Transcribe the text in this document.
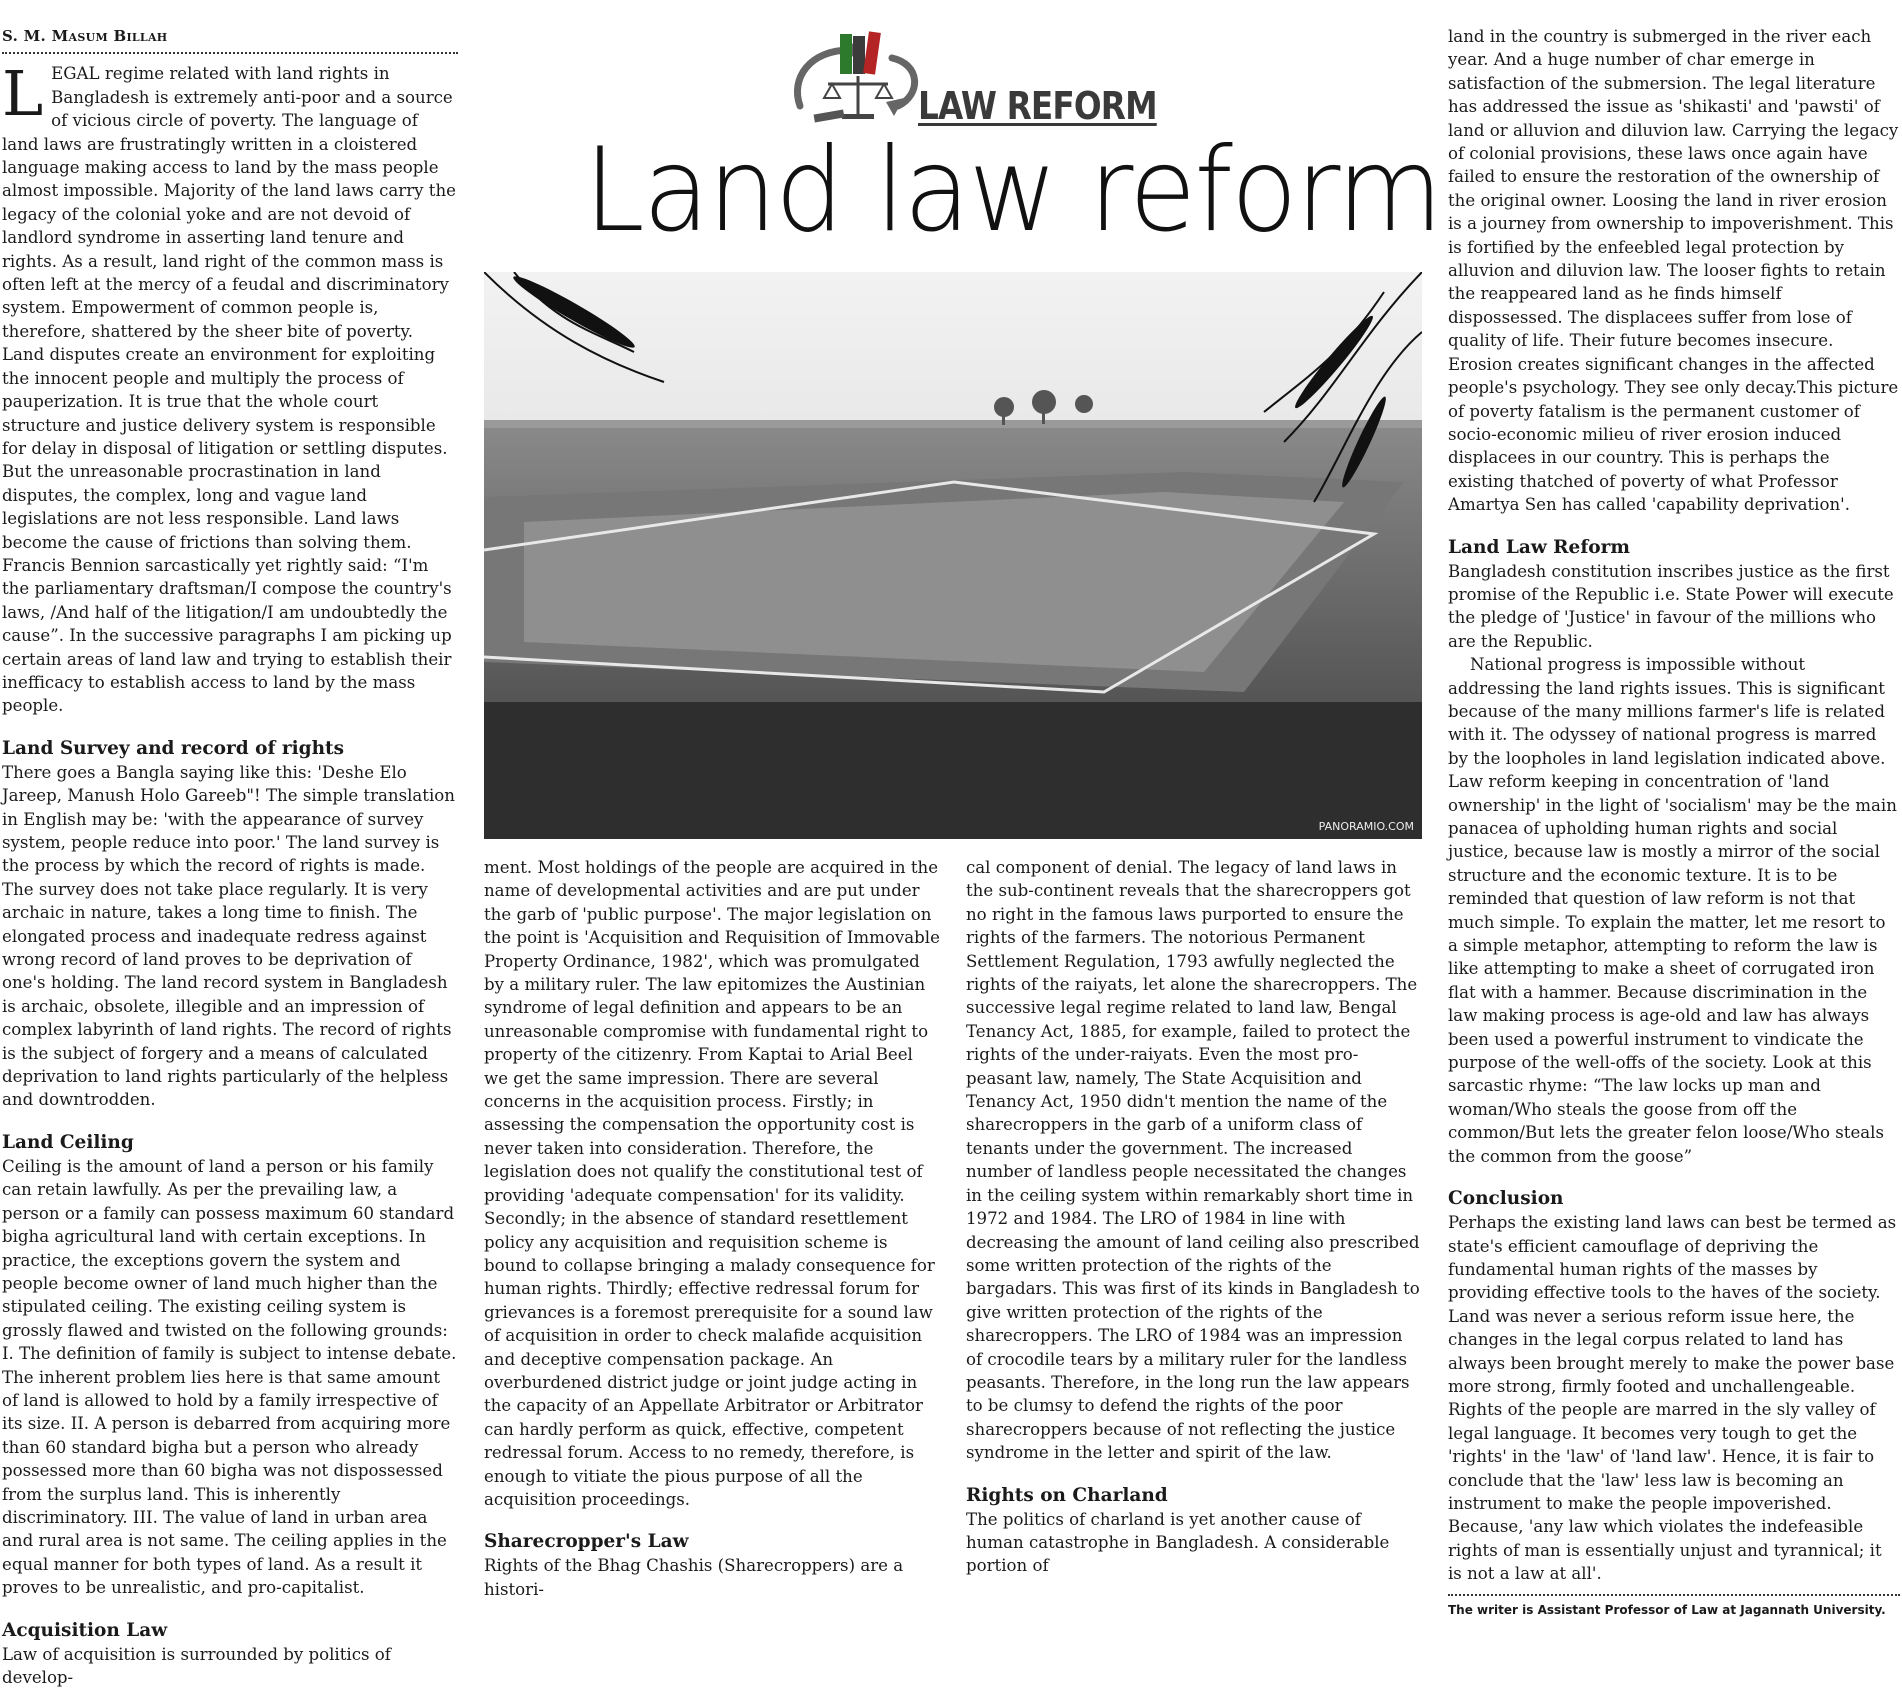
LAW REFORM
Land law reform
PANORAMIO.COM
S. M. Masum Billah

LEGAL regime related with land rights in Bangladesh is extremely anti-poor and a source of vicious circle of poverty. The language of land laws are frustratingly written in a cloistered language making access to land by the mass people almost impossible. Majority of the land laws carry the legacy of the colonial yoke and are not devoid of landlord syndrome in asserting land tenure and rights. As a result, land right of the common mass is often left at the mercy of a feudal and discriminatory system. Empowerment of common people is, therefore, shattered by the sheer bite of poverty. Land disputes create an environment for exploiting the innocent people and multiply the process of pauperization. It is true that the whole court structure and justice delivery system is responsible for delay in disposal of litigation or settling disputes. But the unreasonable procrastination in land disputes, the complex, long and vague land legislations are not less responsible. Land laws become the cause of frictions than solving them. Francis Bennion sarcastically yet rightly said: “I'm the parliamentary draftsman/I compose the country's laws, /And half of the litigation/I am undoubtedly the cause”. In the successive paragraphs I am picking up certain areas of land law and trying to establish their inefficacy to establish access to land by the mass people.

Land Survey and record of rights

There goes a Bangla saying like this: 'Deshe Elo Jareep, Manush Holo Gareeb"! The simple translation in English may be: 'with the appearance of survey system, people reduce into poor.' The land survey is the process by which the record of rights is made. The survey does not take place regularly. It is very archaic in nature, takes a long time to finish. The elongated process and inadequate redress against wrong record of land proves to be deprivation of one's holding. The land record system in Bangladesh is archaic, obsolete, illegible and an impression of complex labyrinth of land rights. The record of rights is the subject of forgery and a means of calculated deprivation to land rights particularly of the helpless and downtrodden.

Land Ceiling

Ceiling is the amount of land a person or his family can retain lawfully. As per the prevailing law, a person or a family can possess maximum 60 standard bigha agricultural land with certain exceptions. In practice, the exceptions govern the system and people become owner of land much higher than the stipulated ceiling. The existing ceiling system is grossly flawed and twisted on the following grounds: I. The definition of family is subject to intense debate. The inherent problem lies here is that same amount of land is allowed to hold by a family irrespective of its size. II. A person is debarred from acquiring more than 60 standard bigha but a person who already possessed more than 60 bigha was not dispossessed from the surplus land. This is inherently discriminatory. III. The value of land in urban area and rural area is not same. The ceiling applies in the equal manner for both types of land. As a result it proves to be unrealistic, and pro-capitalist.

Acquisition Law

Law of acquisition is surrounded by politics of develop-

ment. Most holdings of the people are acquired in the name of developmental activities and are put under the garb of 'public purpose'. The major legislation on the point is 'Acquisition and Requisition of Immovable Property Ordinance, 1982', which was promulgated by a military ruler. The law epitomizes the Austinian syndrome of legal definition and appears to be an unreasonable compromise with fundamental right to property of the citizenry. From Kaptai to Arial Beel we get the same impression. There are several concerns in the acquisition process. Firstly; in assessing the compensation the opportunity cost is never taken into consideration. Therefore, the legislation does not qualify the constitutional test of providing 'adequate compensation' for its validity. Secondly; in the absence of standard resettlement policy any acquisition and requisition scheme is bound to collapse bringing a malady consequence for human rights. Thirdly; effective redressal forum for grievances is a foremost prerequisite for a sound law of acquisition in order to check malafide acquisition and deceptive compensation package. An overburdened district judge or joint judge acting in the capacity of an Appellate Arbitrator or Arbitrator can hardly perform as quick, effective, competent redressal forum. Access to no remedy, therefore, is enough to vitiate the pious purpose of all the acquisition proceedings.

Sharecropper's Law

Rights of the Bhag Chashis (Sharecroppers) are a histori-

cal component of denial. The legacy of land laws in the sub-continent reveals that the sharecroppers got no right in the famous laws purported to ensure the rights of the farmers. The notorious Permanent Settlement Regulation, 1793 awfully neglected the rights of the raiyats, let alone the sharecroppers. The successive legal regime related to land law, Bengal Tenancy Act, 1885, for example, failed to protect the rights of the under-raiyats. Even the most pro-peasant law, namely, The State Acquisition and Tenancy Act, 1950 didn't mention the name of the sharecroppers in the garb of a uniform class of tenants under the government. The increased number of landless people necessitated the changes in the ceiling system within remarkably short time in 1972 and 1984. The LRO of 1984 in line with decreasing the amount of land ceiling also prescribed some written protection of the rights of the bargadars. This was first of its kinds in Bangladesh to give written protection of the rights of the sharecroppers. The LRO of 1984 was an impression of crocodile tears by a military ruler for the landless peasants. Therefore, in the long run the law appears to be clumsy to defend the rights of the poor sharecroppers because of not reflecting the justice syndrome in the letter and spirit of the law.

Rights on Charland

The politics of charland is yet another cause of human catastrophe in Bangladesh. A considerable portion of

land in the country is submerged in the river each year. And a huge number of char emerge in satisfaction of the submersion. The legal literature has addressed the issue as 'shikasti' and 'pawsti' of land or alluvion and diluvion law. Carrying the legacy of colonial provisions, these laws once again have failed to ensure the restoration of the ownership of the original owner. Loosing the land in river erosion is a journey from ownership to impoverishment. This is fortified by the enfeebled legal protection by alluvion and diluvion law. The looser fights to retain the reappeared land as he finds himself dispossessed. The displacees suffer from lose of quality of life. Their future becomes insecure. Erosion creates significant changes in the affected people's psychology. They see only decay.This picture of poverty fatalism is the permanent customer of socio-economic milieu of river erosion induced displacees in our country. This is perhaps the existing thatched of poverty of what Professor Amartya Sen has called 'capability deprivation'.

Land Law Reform

Bangladesh constitution inscribes justice as the first promise of the Republic i.e. State Power will execute the pledge of 'Justice' in favour of the millions who are the Republic.

National progress is impossible without addressing the land rights issues. This is significant because of the many millions farmer's life is related with it. The odyssey of national progress is marred by the loopholes in land legislation indicated above. Law reform keeping in concentration of 'land ownership' in the light of 'socialism' may be the main panacea of upholding human rights and social justice, because law is mostly a mirror of the social structure and the economic texture. It is to be reminded that question of law reform is not that much simple. To explain the matter, let me resort to a simple metaphor, attempting to reform the law is like attempting to make a sheet of corrugated iron flat with a hammer. Because discrimination in the law making process is age-old and law has always been used a powerful instrument to vindicate the purpose of the well-offs of the society. Look at this sarcastic rhyme: “The law locks up man and woman/Who steals the goose from off the common/But lets the greater felon loose/Who steals the common from the goose”

Conclusion

Perhaps the existing land laws can best be termed as state's efficient camouflage of depriving the fundamental human rights of the masses by providing effective tools to the haves of the society. Land was never a serious reform issue here, the changes in the legal corpus related to land has always been brought merely to make the power base more strong, firmly footed and unchallengeable. Rights of the people are marred in the sly valley of legal language. It becomes very tough to get the 'rights' in the 'law' of 'land law'. Hence, it is fair to conclude that the 'law' less law is becoming an instrument to make the people impoverished. Because, 'any law which violates the indefeasible rights of man is essentially unjust and tyrannical; it is not a law at all'.

The writer is Assistant Professor of Law at Jagannath University.
